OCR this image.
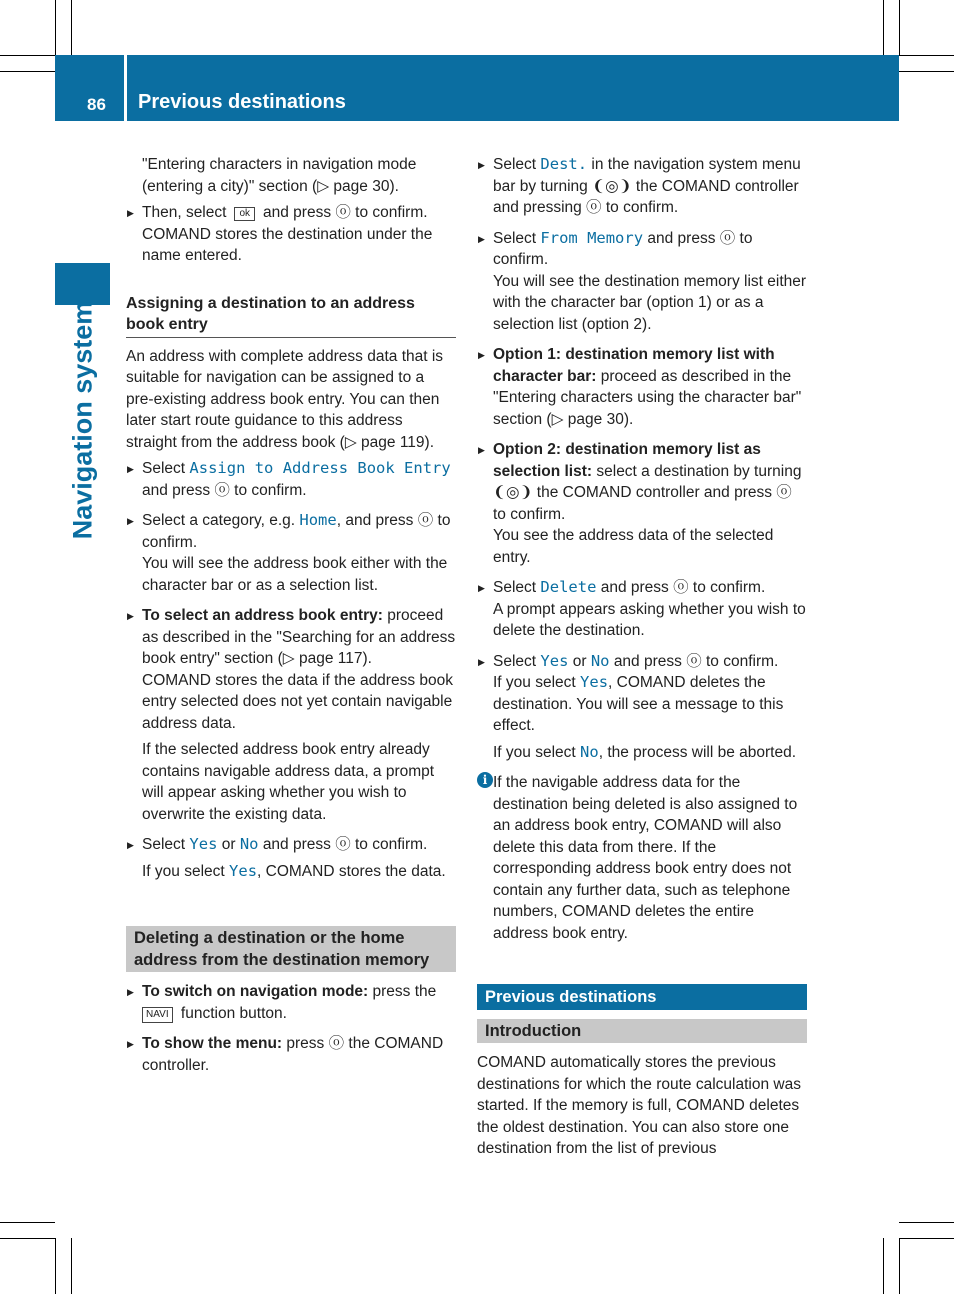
86 Previous destinations
Navigation system

"Entering characters in navigation mode (entering a city)" section (▷ page 30).

▶ Then, select ok and press ⓞ to confirm.

COMAND stores the destination under the name entered.

Assigning a destination to an address book entry

An address with complete address data that is suitable for navigation can be assigned to a pre-existing address book entry. You can then later start route guidance to this address straight from the address book (▷ page 119).

▶ Select Assign to Address Book Entry and press ⓞ to confirm.

▶ Select a category, e.g. Home, and press ⓞ to confirm.

You will see the address book either with the character bar or as a selection list.

▶ To select an address book entry: proceed as described in the "Searching for an address book entry" section (▷ page 117).

COMAND stores the data if the address book entry selected does not yet contain navigable address data.

If the selected address book entry already contains navigable address data, a prompt will appear asking whether you wish to overwrite the existing data.

▶ Select Yes or No and press ⓞ to confirm.

If you select Yes, COMAND stores the data.

Deleting a destination or the home address from the destination memory

▶ To switch on navigation mode: press the NAVI function button.

▶ To show the menu: press ⓞ the COMAND controller.

▶ Select Dest. in the navigation system menu bar by turning ❨◎❩ the COMAND controller and pressing ⓞ to confirm.

▶ Select From Memory and press ⓞ to confirm.

You will see the destination memory list either with the character bar (option 1) or as a selection list (option 2).

▶ Option 1: destination memory list with character bar: proceed as described in the "Entering characters using the character bar" section (▷ page 30).

▶ Option 2: destination memory list as selection list: select a destination by turning ❨◎❩ the COMAND controller and press ⓞ to confirm.

You see the address data of the selected entry.

▶ Select Delete and press ⓞ to confirm.

A prompt appears asking whether you wish to delete the destination.

▶ Select Yes or No and press ⓞ to confirm.

If you select Yes, COMAND deletes the destination. You will see a message to this effect.

If you select No, the process will be aborted.

i If the navigable address data for the destination being deleted is also assigned to an address book entry, COMAND will also delete this data from there. If the corresponding address book entry does not contain any further data, such as telephone numbers, COMAND deletes the entire address book entry.

Previous destinations
Introduction

COMAND automatically stores the previous destinations for which the route calculation was started. If the memory is full, COMAND deletes the oldest destination. You can also store one destination from the list of previous
